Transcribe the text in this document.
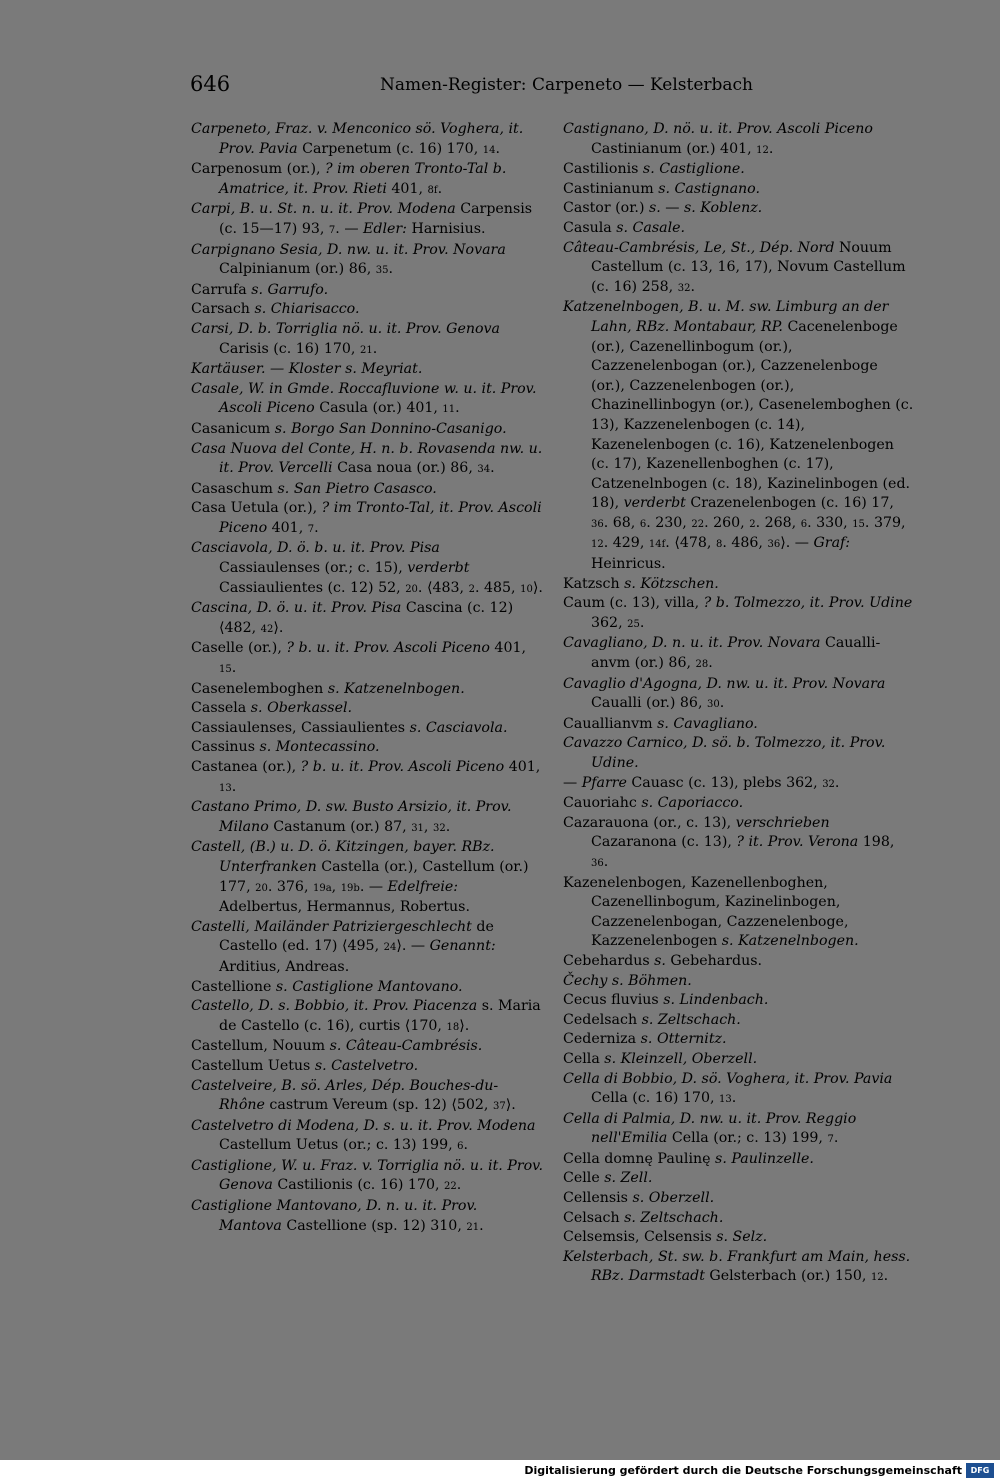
646	Namen-Register: Carpeneto — Kelsterbach

Carpeneto, Fraz. v. Menconico sö. Voghera, it. Prov. Pavia Carpenetum (c. 16) 170, 14.

Carpenosum (or.), ? im oberen Tronto-Tal b. Amatrice, it. Prov. Rieti 401, 8f.

Carpi, B. u. St. n. u. it. Prov. Modena Carpensis (c. 15—17) 93, 7. — Edler: Harnisius.

Carpignano Sesia, D. nw. u. it. Prov. Novara Calpinianum (or.) 86, 35.

Carrufa s. Garrufo.

Carsach s. Chiarisacco.

Carsi, D. b. Torriglia nö. u. it. Prov. Genova Carisis (c. 16) 170, 21.

Kartäuser. — Kloster s. Meyriat.

Casale, W. in Gmde. Roccafluvione w. u. it. Prov. Ascoli Piceno Casula (or.) 401, 11.

Casanicum s. Borgo San Donnino-Casanigo.

Casa Nuova del Conte, H. n. b. Rovasenda nw. u. it. Prov. Vercelli Casa noua (or.) 86, 34.

Casaschum s. San Pietro Casasco.

Casa Uetula (or.), ? im Tronto-Tal, it. Prov. Ascoli Piceno 401, 7.

Casciavola, D. ö. b. u. it. Prov. Pisa Cassiaulenses (or.; c. 15), verderbt Cassiaulientes (c. 12) 52, 20. ⟨483, 2. 485, 10⟩.

Cascina, D. ö. u. it. Prov. Pisa Cascina (c. 12) ⟨482, 42⟩.

Caselle (or.), ? b. u. it. Prov. Ascoli Piceno 401, 15.

Casenelemboghen s. Katzenelnbogen.

Cassela s. Oberkassel.

Cassiaulenses, Cassiaulientes s. Casciavola.

Cassinus s. Montecassino.

Castanea (or.), ? b. u. it. Prov. Ascoli Piceno 401, 13.

Castano Primo, D. sw. Busto Arsizio, it. Prov. Milano Castanum (or.) 87, 31, 32.

Castell, (B.) u. D. ö. Kitzingen, bayer. RBz. Unterfranken Castella (or.), Castellum (or.) 177, 20. 376, 19a, 19b. — Edelfreie: Adelbertus, Hermannus, Robertus.

Castelli, Mailänder Patriziergeschlecht de Castello (ed. 17) ⟨495, 24⟩. — Genannt: Arditius, Andreas.

Castellione s. Castiglione Mantovano.

Castello, D. s. Bobbio, it. Prov. Piacenza s. Maria de Castello (c. 16), curtis ⟨170, 18⟩.

Castellum, Nouum s. Câteau-Cambrésis.

Castellum Uetus s. Castelvetro.

Castelveire, B. sö. Arles, Dép. Bouches-du-Rhône castrum Vereum (sp. 12) ⟨502, 37⟩.

Castelvetro di Modena, D. s. u. it. Prov. Modena Castellum Uetus (or.; c. 13) 199, 6.

Castiglione, W. u. Fraz. v. Torriglia nö. u. it. Prov. Genova Castilionis (c. 16) 170, 22.

Castiglione Mantovano, D. n. u. it. Prov. Mantova Castellione (sp. 12) 310, 21.

Castignano, D. nö. u. it. Prov. Ascoli Piceno Castinianum (or.) 401, 12.

Castilionis s. Castiglione.

Castinianum s. Castignano.

Castor (or.) s. — s. Koblenz.

Casula s. Casale.

Câteau-Cambrésis, Le, St., Dép. Nord Nouum Castellum (c. 13, 16, 17), Novum Castellum (c. 16) 258, 32.

Katzenelnbogen, B. u. M. sw. Limburg an der Lahn, RBz. Montabaur, RP. Cacenelenboge (or.), Cazenellinbogum (or.), Cazzenelenbogan (or.), Cazzenelenboge (or.), Cazzenelenbogen (or.), Chazinellinbogyn (or.), Casenelemboghen (c. 13), Kazzenelenbogen (c. 14), Kazenelenbogen (c. 16), Katzenelenbogen (c. 17), Kazenellenboghen (c. 17), Catzenelnbogen (c. 18), Kazinelinbogen (ed. 18), verderbt Crazenelenbogen (c. 16) 17, 36. 68, 6. 230, 22. 260, 2. 268, 6. 330, 15. 379, 12. 429, 14f. ⟨478, 8. 486, 36⟩. — Graf: Heinricus.

Katzsch s. Kötzschen.

Caum (c. 13), villa, ? b. Tolmezzo, it. Prov. Udine 362, 25.

Cavagliano, D. n. u. it. Prov. Novara Caualli-anvm (or.) 86, 28.

Cavaglio d'Agogna, D. nw. u. it. Prov. Novara Caualli (or.) 86, 30.

Cauallianvm s. Cavagliano.

Cavazzo Carnico, D. sö. b. Tolmezzo, it. Prov. Udine.

— Pfarre Cauasc (c. 13), plebs 362, 32.

Cauoriahc s. Caporiacco.

Cazarauona (or., c. 13), verschrieben Cazaranona (c. 13), ? it. Prov. Verona 198, 36.

Kazenelenbogen, Kazenellenboghen, Cazenellinbogum, Kazinelinbogen, Cazzenelenbogan, Cazzenelenboge, Kazzenelenbogen s. Katzenelnbogen.

Cebehardus s. Gebehardus.

Čechy s. Böhmen.

Cecus fluvius s. Lindenbach.

Cedelsach s. Zeltschach.

Cederniza s. Otternitz.

Cella s. Kleinzell, Oberzell.

Cella di Bobbio, D. sö. Voghera, it. Prov. Pavia Cella (c. 16) 170, 13.

Cella di Palmia, D. nw. u. it. Prov. Reggio nell'Emilia Cella (or.; c. 13) 199, 7.

Cella domnę Paulinę s. Paulinzelle.

Celle s. Zell.

Cellensis s. Oberzell.

Celsach s. Zeltschach.

Celsemsis, Celsensis s. Selz.

Kelsterbach, St. sw. b. Frankfurt am Main, hess. RBz. Darmstadt Gelsterbach (or.) 150, 12.

Digitalisierung gefördert durch die Deutsche Forschungsgemeinschaft	DFG
